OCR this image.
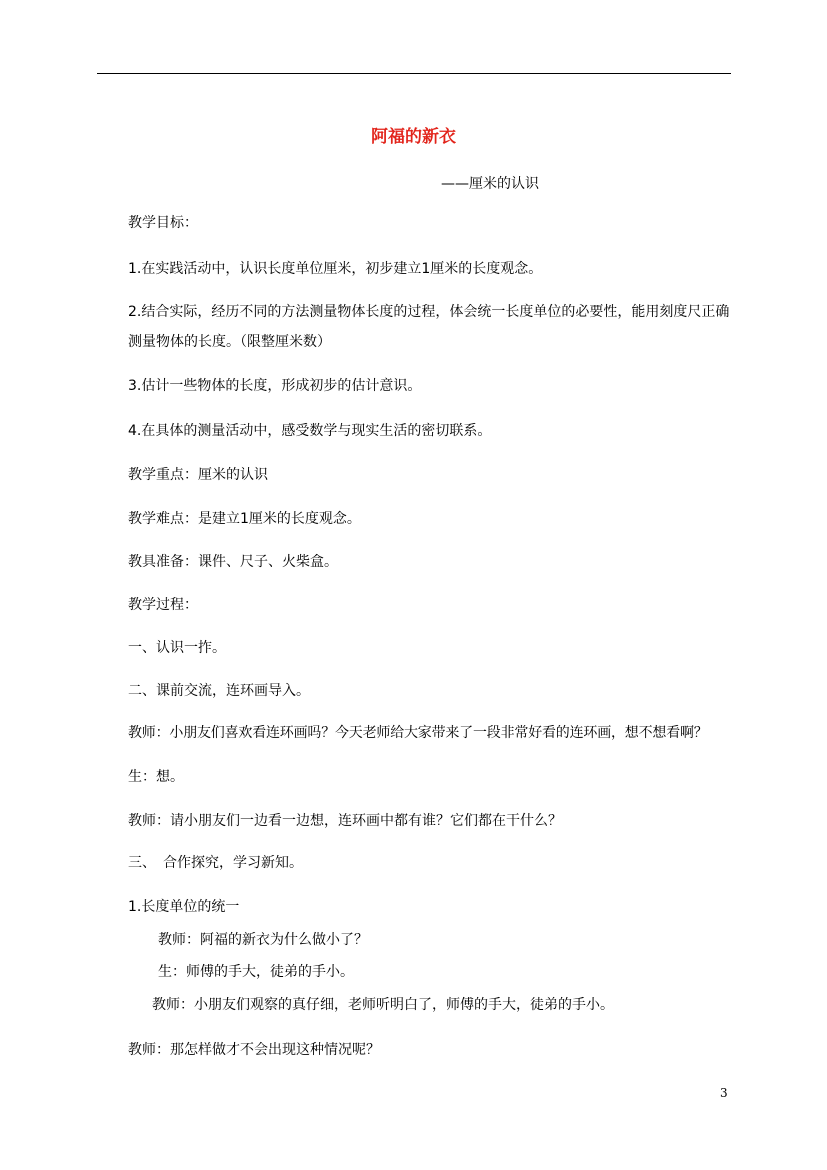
阿福的新衣
——厘米的认识
教学目标：
1.在实践活动中，认识长度单位厘米，初步建立1厘米的长度观念。
2.结合实际，经历不同的方法测量物体长度的过程，体会统一长度单位的必要性，能用刻度尺正确测量物体的长度。（限整厘米数）
3.估计一些物体的长度，形成初步的估计意识。
4.在具体的测量活动中，感受数学与现实生活的密切联系。
教学重点：厘米的认识
教学难点：是建立1厘米的长度观念。
教具准备：课件、尺子、火柴盒。
教学过程：
一、认识一拃。
二、课前交流，连环画导入。
教师：小朋友们喜欢看连环画吗？今天老师给大家带来了一段非常好看的连环画，想不想看啊？
生：想。
教师：请小朋友们一边看一边想，连环画中都有谁？它们都在干什么？
三、　合作探究，学习新知。
1.长度单位的统一
教师：阿福的新衣为什么做小了？
生：师傅的手大，徒弟的手小。
教师：小朋友们观察的真仔细，老师听明白了，师傅的手大，徒弟的手小。
教师：那怎样做才不会出现这种情况呢？
3
